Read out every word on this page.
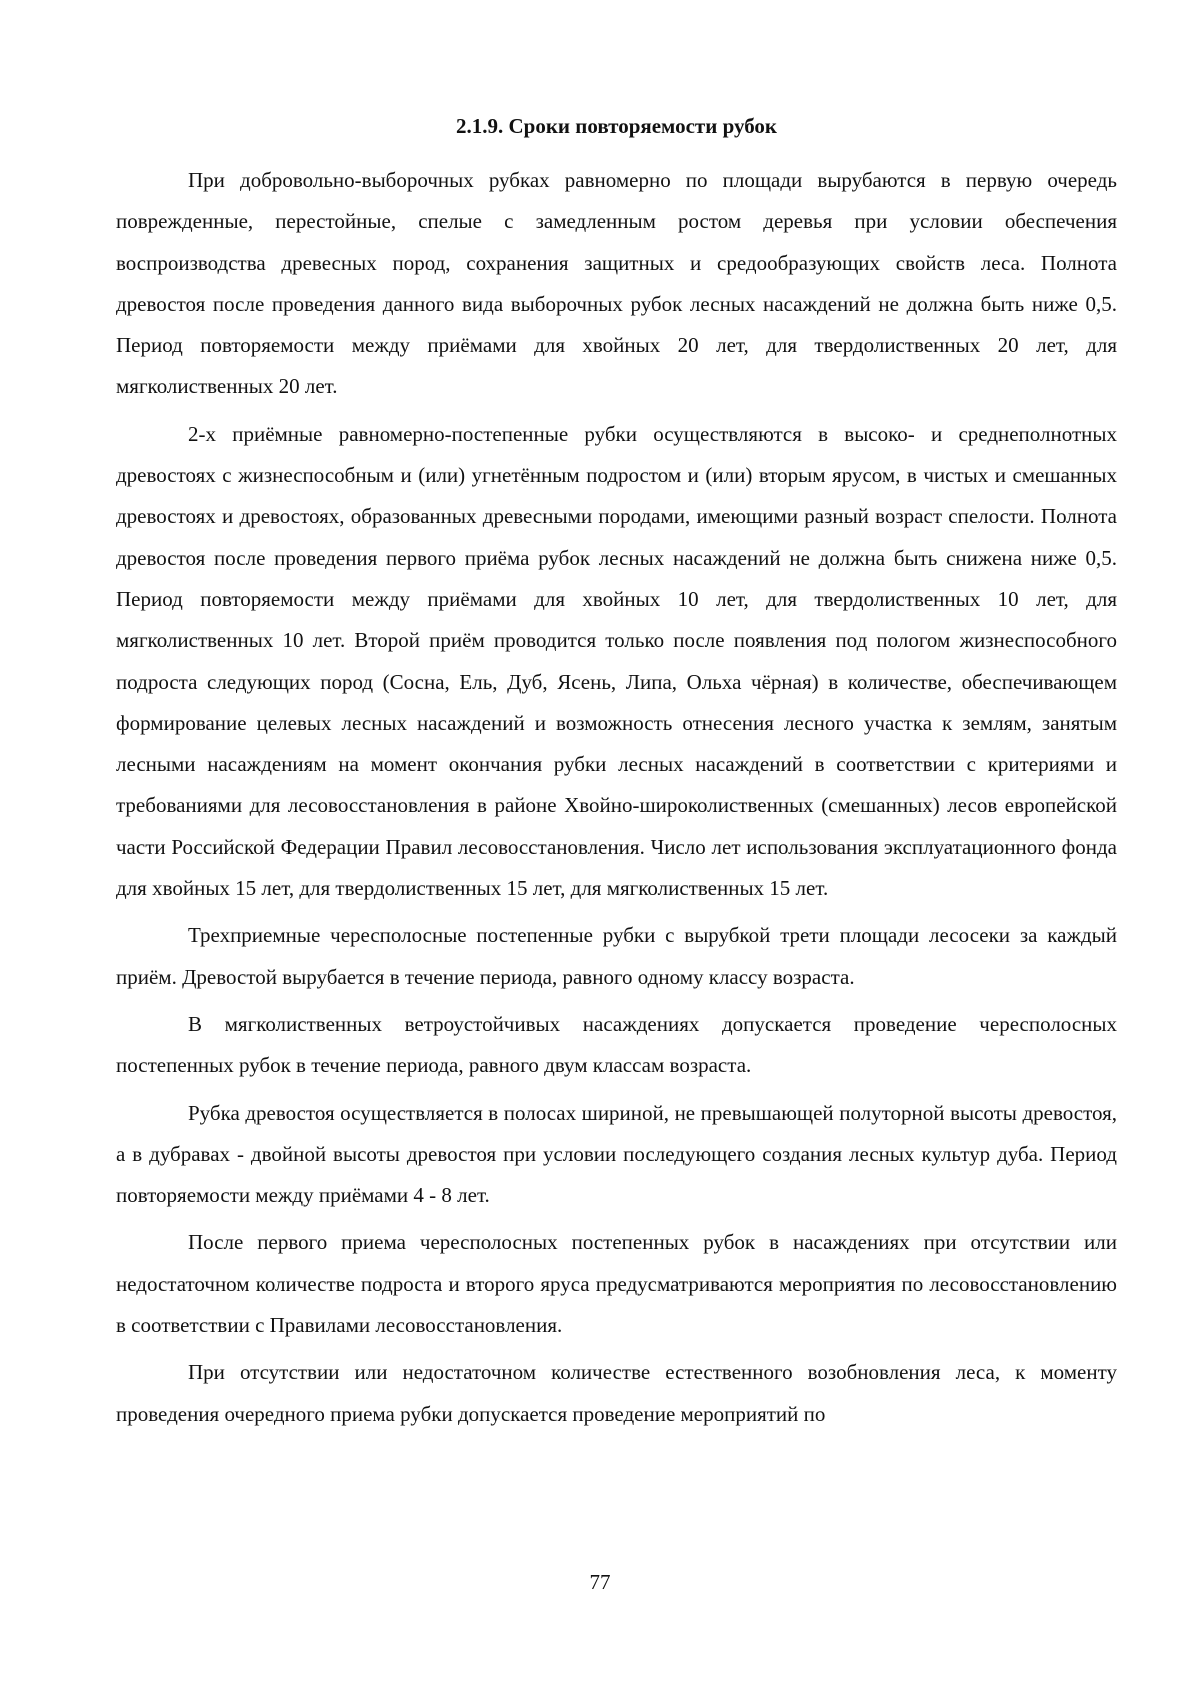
2.1.9. Сроки повторяемости рубок

При добровольно-выборочных рубках равномерно по площади вырубаются в первую очередь поврежденные, перестойные, спелые с замедленным ростом деревья при условии обеспечения воспроизводства древесных пород, сохранения защитных и средообразующих свойств леса. Полнота древостоя после проведения данного вида выборочных рубок лесных насаждений не должна быть ниже 0,5. Период повторяемости между приёмами для хвойных 20 лет, для твердолиственных 20 лет, для мягколиственных 20 лет.

2-х приёмные равномерно-постепенные рубки осуществляются в высоко- и среднеполнотных древостоях с жизнеспособным и (или) угнетённым подростом и (или) вторым ярусом, в чистых и смешанных древостоях и древостоях, образованных древесными породами, имеющими разный возраст спелости. Полнота древостоя после проведения первого приёма рубок лесных насаждений не должна быть снижена ниже 0,5. Период повторяемости между приёмами для хвойных 10 лет, для твердолиственных 10 лет, для мягколиственных 10 лет. Второй приём проводится только после появления под пологом жизнеспособного подроста следующих пород (Сосна, Ель, Дуб, Ясень, Липа, Ольха чёрная) в количестве, обеспечивающем формирование целевых лесных насаждений и возможность отнесения лесного участка к землям, занятым лесными насаждениям на момент окончания рубки лесных насаждений в соответствии с критериями и требованиями для лесовосстановления в районе Хвойно-широколиственных (смешанных) лесов европейской части Российской Федерации Правил лесовосстановления. Число лет использования эксплуатационного фонда для хвойных 15 лет, для твердолиственных 15 лет, для мягколиственных 15 лет.

Трехприемные чересполосные постепенные рубки с вырубкой трети площади лесосеки за каждый приём. Древостой вырубается в течение периода, равного одному классу возраста.

В мягколиственных ветроустойчивых насаждениях допускается проведение чересполосных постепенных рубок в течение периода, равного двум классам возраста.

Рубка древостоя осуществляется в полосах шириной, не превышающей полуторной высоты древостоя, а в дубравах - двойной высоты древостоя при условии последующего создания лесных культур дуба. Период повторяемости между приёмами 4 - 8 лет.

После первого приема чересполосных постепенных рубок в насаждениях при отсутствии или недостаточном количестве подроста и второго яруса предусматриваются мероприятия по лесовосстановлению в соответствии с Правилами лесовосстановления.

При отсутствии или недостаточном количестве естественного возобновления леса, к моменту проведения очередного приема рубки допускается проведение мероприятий по

77
